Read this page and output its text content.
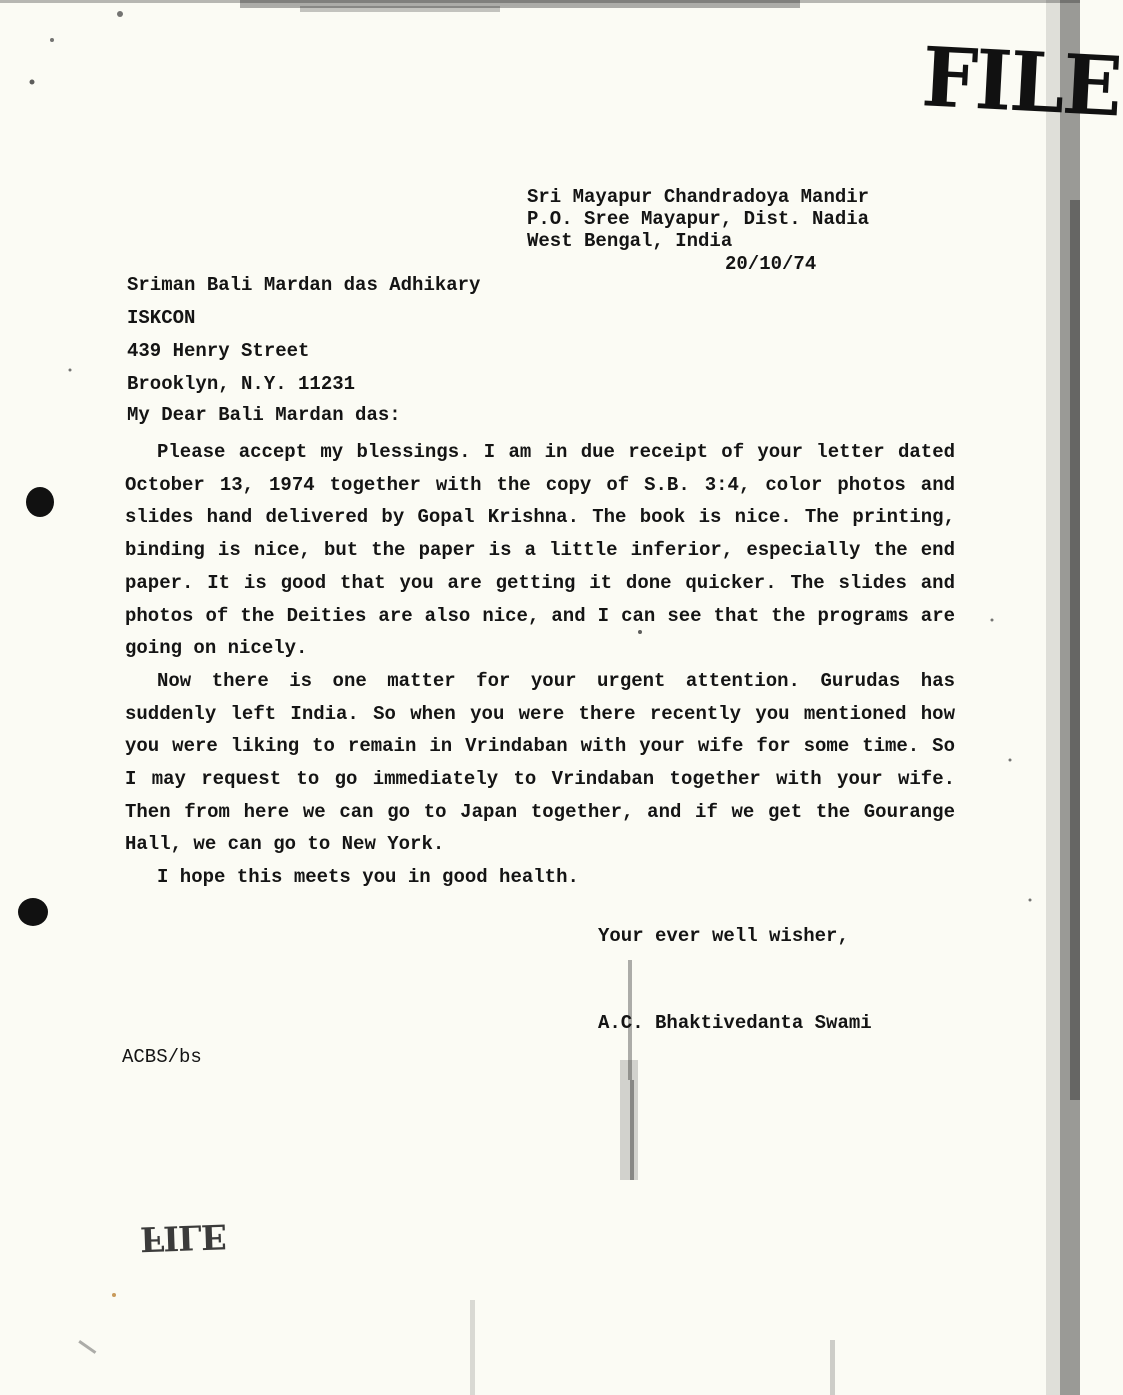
FILE
FILE
Sri Mayapur Chandradoya Mandir
P.O. Sree Mayapur, Dist. Nadia
West Bengal, India
20/10/74
Sriman Bali Mardan das Adhikary
ISKCON
439 Henry Street
Brooklyn, N.Y. 11231
My Dear Bali Mardan das:

Please accept my blessings. I am in due receipt of your letter dated October 13, 1974 together with the copy of S.B. 3:4, color photos and slides hand delivered by Gopal Krishna. The book is nice. The printing, binding is nice, but the paper is a little inferior, especially the end paper. It is good that you are getting it done quicker. The slides and photos of the Deities are also nice, and I can see that the programs are going on nicely.

Now there is one matter for your urgent attention. Gurudas has suddenly left India. So when you were there recently you mentioned how you were liking to remain in Vrindaban with your wife for some time. So I may request to go immediately to Vrindaban together with your wife. Then from here we can go to Japan together, and if we get the Gourange Hall, we can go to New York.

I hope this meets you in good health.

Your ever well wisher,
A.C. Bhaktivedanta Swami
ACBS/bs
